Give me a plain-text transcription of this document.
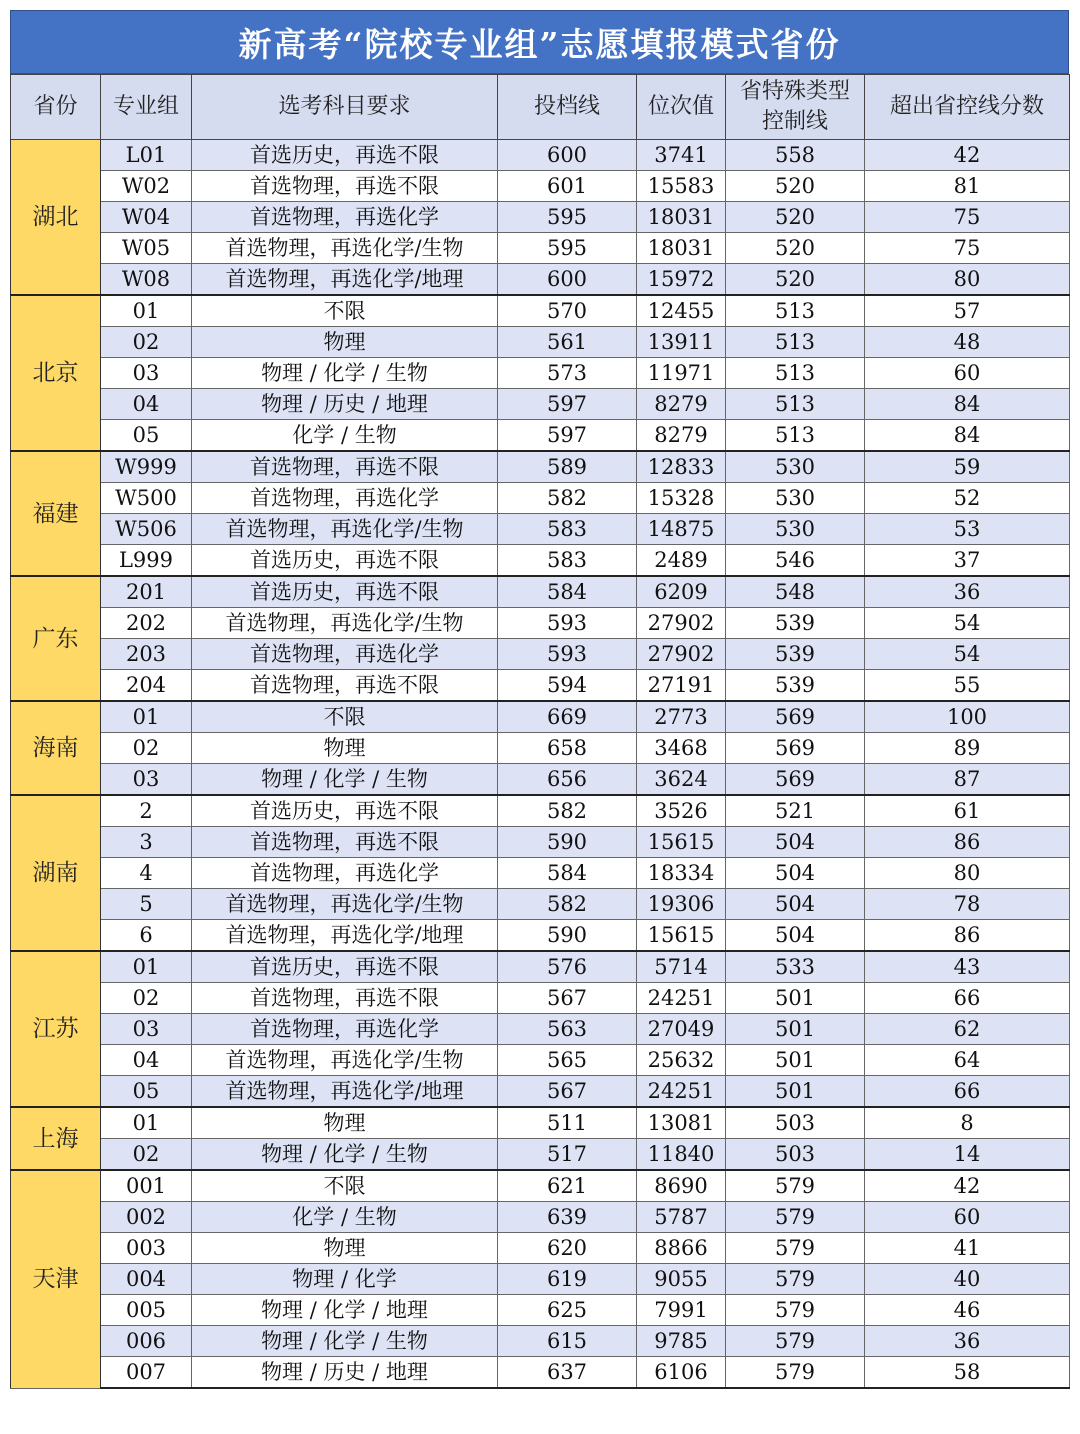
新高考“院校专业组”志愿填报模式省份
省份	专业组	选考科目要求	投档线	位次值	省特殊类型
控制线	超出省控线分数
湖北	L01	首选历史，再选不限	600	3741	558	42
	W02	首选物理，再选不限	601	15583	520	81
	W04	首选物理，再选化学	595	18031	520	75
	W05	首选物理，再选化学/生物	595	18031	520	75
	W08	首选物理，再选化学/地理	600	15972	520	80
北京	01	不限	570	12455	513	57
	02	物理	561	13911	513	48
	03	物理 / 化学 / 生物	573	11971	513	60
	04	物理 / 历史 / 地理	597	8279	513	84
	05	化学 / 生物	597	8279	513	84
福建	W999	首选物理，再选不限	589	12833	530	59
	W500	首选物理，再选化学	582	15328	530	52
	W506	首选物理，再选化学/生物	583	14875	530	53
	L999	首选历史，再选不限	583	2489	546	37
广东	201	首选历史，再选不限	584	6209	548	36
	202	首选物理，再选化学/生物	593	27902	539	54
	203	首选物理，再选化学	593	27902	539	54
	204	首选物理，再选不限	594	27191	539	55
海南	01	不限	669	2773	569	100
	02	物理	658	3468	569	89
	03	物理 / 化学 / 生物	656	3624	569	87
湖南	2	首选历史，再选不限	582	3526	521	61
	3	首选物理，再选不限	590	15615	504	86
	4	首选物理，再选化学	584	18334	504	80
	5	首选物理，再选化学/生物	582	19306	504	78
	6	首选物理，再选化学/地理	590	15615	504	86
江苏	01	首选历史，再选不限	576	5714	533	43
	02	首选物理，再选不限	567	24251	501	66
	03	首选物理，再选化学	563	27049	501	62
	04	首选物理，再选化学/生物	565	25632	501	64
	05	首选物理，再选化学/地理	567	24251	501	66
上海	01	物理	511	13081	503	8
	02	物理 / 化学 / 生物	517	11840	503	14
天津	001	不限	621	8690	579	42
	002	化学 / 生物	639	5787	579	60
	003	物理	620	8866	579	41
	004	物理 / 化学	619	9055	579	40
	005	物理 / 化学 / 地理	625	7991	579	46
	006	物理 / 化学 / 生物	615	9785	579	36
	007	物理 / 历史 / 地理	637	6106	579	58
